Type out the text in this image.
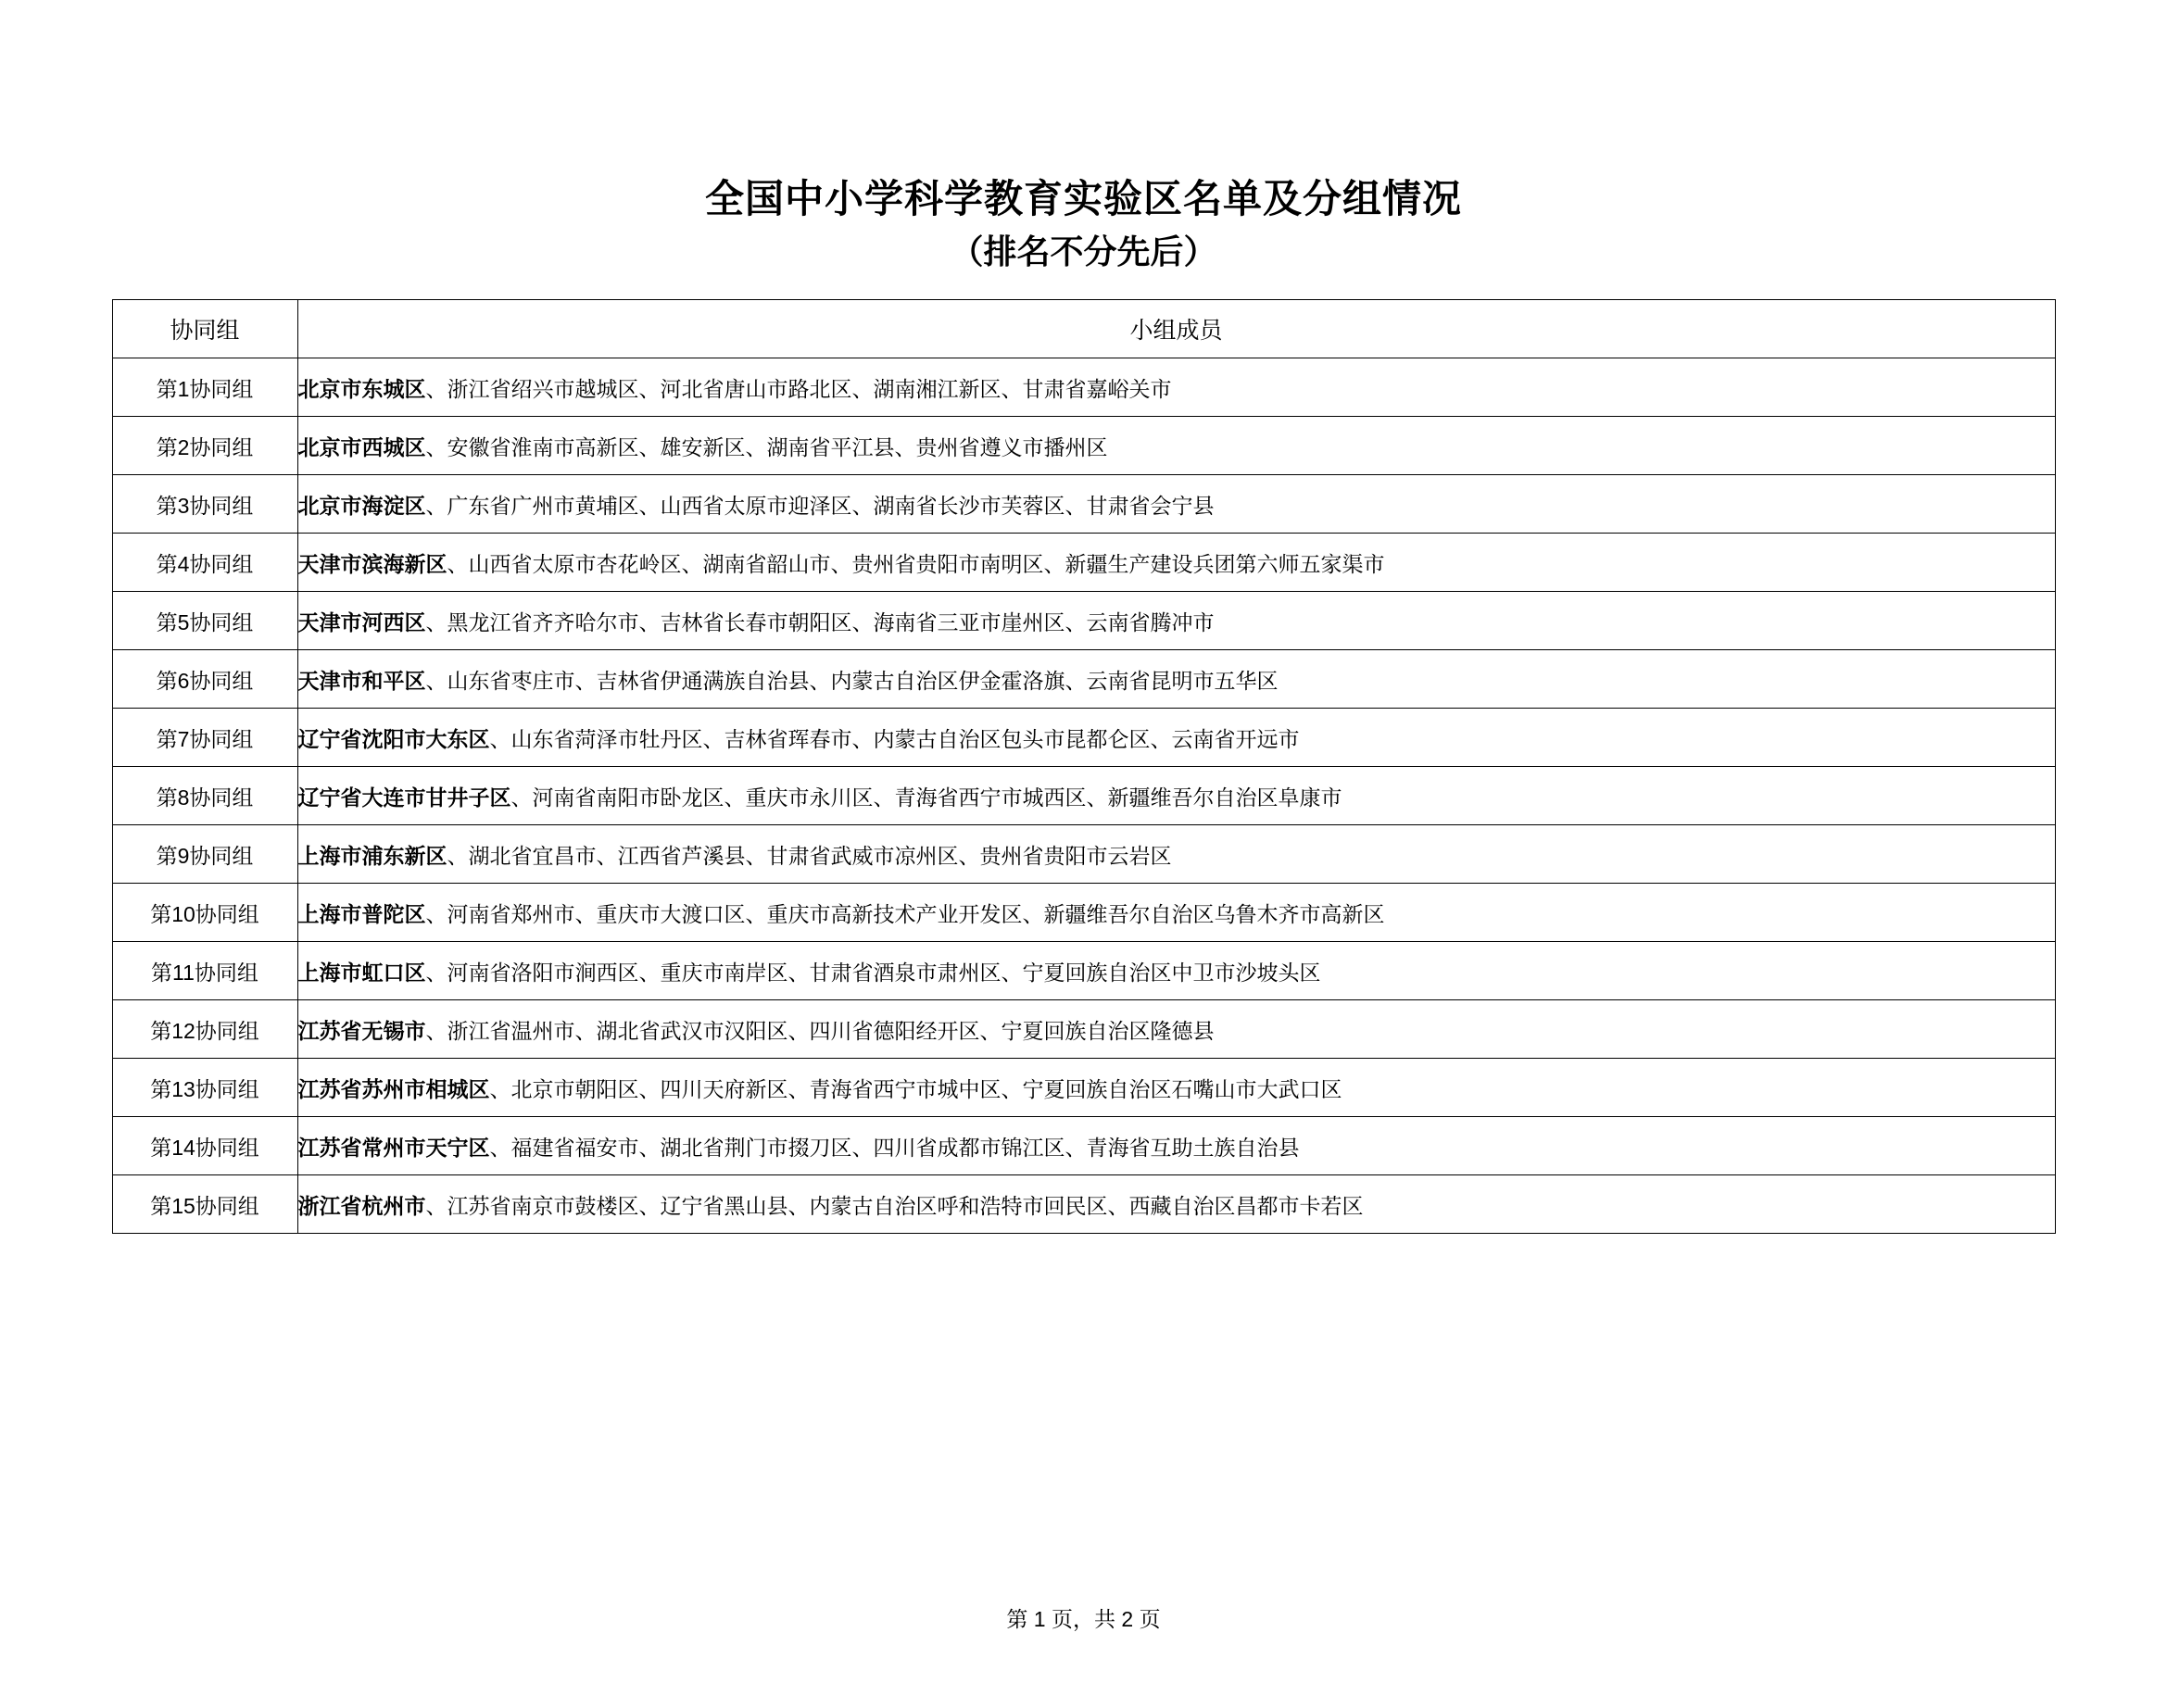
全国中小学科学教育实验区名单及分组情况
（排名不分先后）
协同组	小组成员
第1协同组	北京市东城区、浙江省绍兴市越城区、河北省唐山市路北区、湖南湘江新区、甘肃省嘉峪关市
第2协同组	北京市西城区、安徽省淮南市高新区、雄安新区、湖南省平江县、贵州省遵义市播州区
第3协同组	北京市海淀区、广东省广州市黄埔区、山西省太原市迎泽区、湖南省长沙市芙蓉区、甘肃省会宁县
第4协同组	天津市滨海新区、山西省太原市杏花岭区、湖南省韶山市、贵州省贵阳市南明区、新疆生产建设兵团第六师五家渠市
第5协同组	天津市河西区、黑龙江省齐齐哈尔市、吉林省长春市朝阳区、海南省三亚市崖州区、云南省腾冲市
第6协同组	天津市和平区、山东省枣庄市、吉林省伊通满族自治县、内蒙古自治区伊金霍洛旗、云南省昆明市五华区
第7协同组	辽宁省沈阳市大东区、山东省菏泽市牡丹区、吉林省珲春市、内蒙古自治区包头市昆都仑区、云南省开远市
第8协同组	辽宁省大连市甘井子区、河南省南阳市卧龙区、重庆市永川区、青海省西宁市城西区、新疆维吾尔自治区阜康市
第9协同组	上海市浦东新区、湖北省宜昌市、江西省芦溪县、甘肃省武威市凉州区、贵州省贵阳市云岩区
第10协同组	上海市普陀区、河南省郑州市、重庆市大渡口区、重庆市高新技术产业开发区、新疆维吾尔自治区乌鲁木齐市高新区
第11协同组	上海市虹口区、河南省洛阳市涧西区、重庆市南岸区、甘肃省酒泉市肃州区、宁夏回族自治区中卫市沙坡头区
第12协同组	江苏省无锡市、浙江省温州市、湖北省武汉市汉阳区、四川省德阳经开区、宁夏回族自治区隆德县
第13协同组	江苏省苏州市相城区、北京市朝阳区、四川天府新区、青海省西宁市城中区、宁夏回族自治区石嘴山市大武口区
第14协同组	江苏省常州市天宁区、福建省福安市、湖北省荆门市掇刀区、四川省成都市锦江区、青海省互助土族自治县
第15协同组	浙江省杭州市、江苏省南京市鼓楼区、辽宁省黑山县、内蒙古自治区呼和浩特市回民区、西藏自治区昌都市卡若区
第 1 页，共 2 页
